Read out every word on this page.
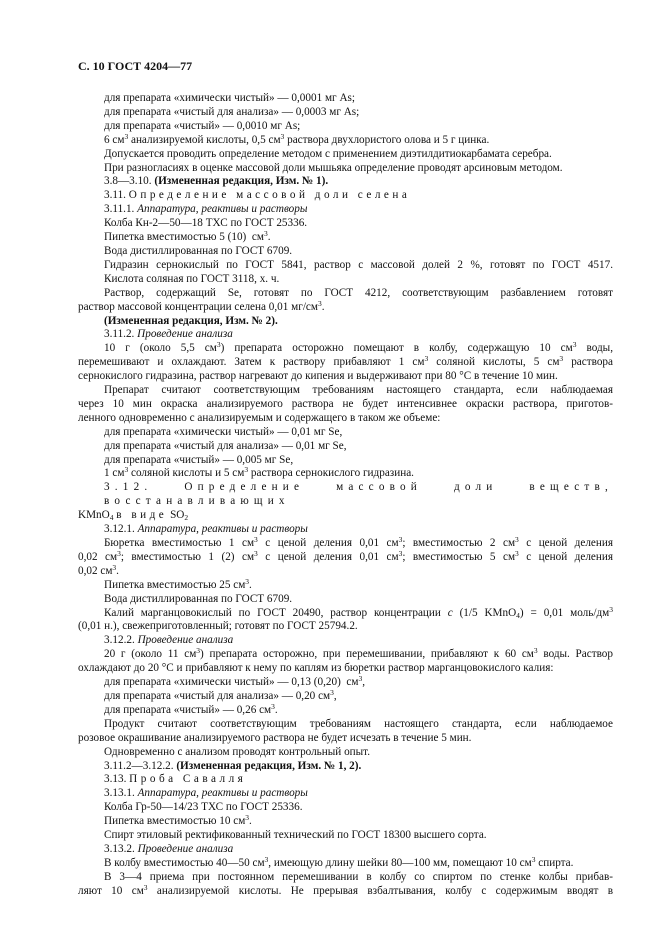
С. 10 ГОСТ 4204—77
для препарата «химически чистый» — 0,0001 мг As;
для препарата «чистый для анализа» — 0,0003 мг As;
для препарата «чистый» — 0,0010 мг As;
6 $см^3$ анализируемой кислоты, 0,5 $см^3$ раствора двухлористого олова и 5 г цинка.
Допускается проводить определение методом с применением диэтилдитиокарбамата серебра.
При разногласиях в оценке массовой доли мышьяка определение проводят арсиновым методом.
3.8—3.10. (Измененная редакция, Изм. № 1).
3.11. Определение массовой доли селена
3.11.1. Аппаратура, реактивы и растворы
Колба Кн-2—50—18 ТХС по ГОСТ 25336.
Пипетка вместимостью 5 (10)  $см^3$.
Вода дистиллированная по ГОСТ 6709.
Гидразин сернокислый по ГОСТ 5841, раствор с массовой долей 2 %, готовят по ГОСТ 4517.
Кислота соляная по ГОСТ 3118, х. ч.
Раствор, содержащий Se, готовят по ГОСТ 4212, соответствующим разбавлением готовят
раствор массовой концентрации селена 0,01 $мг/см^3$.
(Измененная редакция, Изм. № 2).
3.11.2. Проведение анализа
10 г (около 5,5 $см^3$) препарата осторожно помещают в колбу, содержащую 10 $см^3$ воды,
перемешивают и охлаждают. Затем к раствору прибавляют 1 $см^3$ соляной кислоты, 5 $см^3$ раствора
сернокислого гидразина, раствор нагревают до кипения и выдерживают при 80 °С в течение 10 мин.
Препарат считают соответствующим требованиям настоящего стандарта, если наблюдаемая
через 10 мин окраска анализируемого раствора не будет интенсивнее окраски раствора, приготов-
ленного одновременно с анализируемым и содержащего в таком же объеме:
для препарата «химически чистый» — 0,01 мг Se,
для препарата «чистый для анализа» — 0,01 мг Se,
для препарата «чистый» — 0,005 мг Se,
1 $см^3$ соляной кислоты и 5 $см^3$ раствора сернокислого гидразина.
3.12. Определение массовой доли веществ, восстанавливающих
KMnO$_4$ в виде $SO_2$
3.12.1. Аппаратура, реактивы и растворы
Бюретка вместимостью 1 $см^3$ с ценой деления 0,01 $см^3$; вместимостью 2 $см^3$ с ценой деления
0,02 $см^3$; вместимостью 1 (2) $см^3$ с ценой деления 0,01 $см^3$; вместимостью 5 $см^3$ с ценой деления
0,02 $см^3$.
Пипетка вместимостью 25 $см^3$.
Вода дистиллированная по ГОСТ 6709.
Калий марганцовокислый по ГОСТ 20490, раствор концентрации с (1/5 KMnO$_4$) = 0,01 моль/$дм^3$
(0,01 н.), свежеприготовленный; готовят по ГОСТ 25794.2.
3.12.2. Проведение анализа
20 г (около 11 $см^3$) препарата осторожно, при перемешивании, прибавляют к 60 $см^3$ воды. Раствор
охлаждают до 20 °С и прибавляют к нему по каплям из бюретки раствор марганцовокислого калия:
для препарата «химически чистый» — 0,13 (0,20)  $см^3$,
для препарата «чистый для анализа» — 0,20 $см^3$,
для препарата «чистый» — 0,26 $см^3$.
Продукт считают соответствующим требованиям настоящего стандарта, если наблюдаемое
розовое окрашивание анализируемого раствора не будет исчезать в течение 5 мин.
Одновременно с анализом проводят контрольный опыт.
3.11.2—3.12.2. (Измененная редакция, Изм. № 1, 2).
3.13. Проба Савалля
3.13.1. Аппаратура, реактивы и растворы
Колба Гр-50—14/23 ТХС по ГОСТ 25336.
Пипетка вместимостью 10 $см^3$.
Спирт этиловый ректификованный технический по ГОСТ 18300 высшего сорта.
3.13.2. Проведение анализа
В колбу вместимостью 40—50 $см^3$, имеющую длину шейки 80—100 мм, помещают 10 $см^3$ спирта.
В 3—4 приема при постоянном перемешивании в колбу со спиртом по стенке колбы прибав-
ляют 10 $см^3$ анализируемой кислоты. Не прерывая взбалтывания, колбу с содержимым вводят в
